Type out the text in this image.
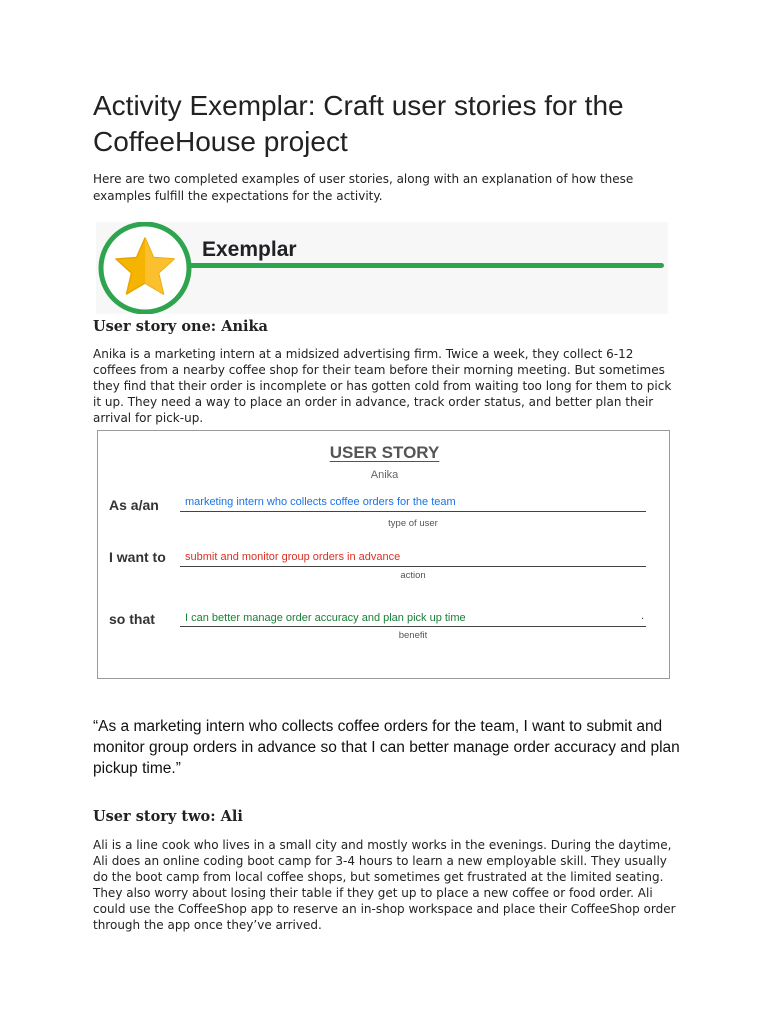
Activity Exemplar: Craft user stories for the CoffeeHouse project

Here are two completed examples of user stories, along with an explanation of how these examples fulfill the expectations for the activity.

Exemplar
User story one: Anika

Anika is a marketing intern at a midsized advertising firm. Twice a week, they collect 6-12 coffees from a nearby coffee shop for their team before their morning meeting. But sometimes they find that their order is incomplete or has gotten cold from waiting too long for them to pick it up. They need a way to place an order in advance, track order status, and better plan their arrival for pick-up.

USER STORY
Anika
As a/an marketing intern who collects coffee orders for the team
type of user
I want to submit and monitor group orders in advance
action
so that	I can better manage order accuracy and plan pick up time	.
benefit

“As a marketing intern who collects coffee orders for the team, I want to submit and monitor group orders in advance so that I can better manage order accuracy and plan pickup time.”

User story two: Ali

Ali is a line cook who lives in a small city and mostly works in the evenings. During the daytime, Ali does an online coding boot camp for 3-4 hours to learn a new employable skill. They usually do the boot camp from local coffee shops, but sometimes get frustrated at the limited seating. They also worry about losing their table if they get up to place a new coffee or food order. Ali could use the CoffeeShop app to reserve an in-shop workspace and place their CoffeeShop order through the app once they’ve arrived.
